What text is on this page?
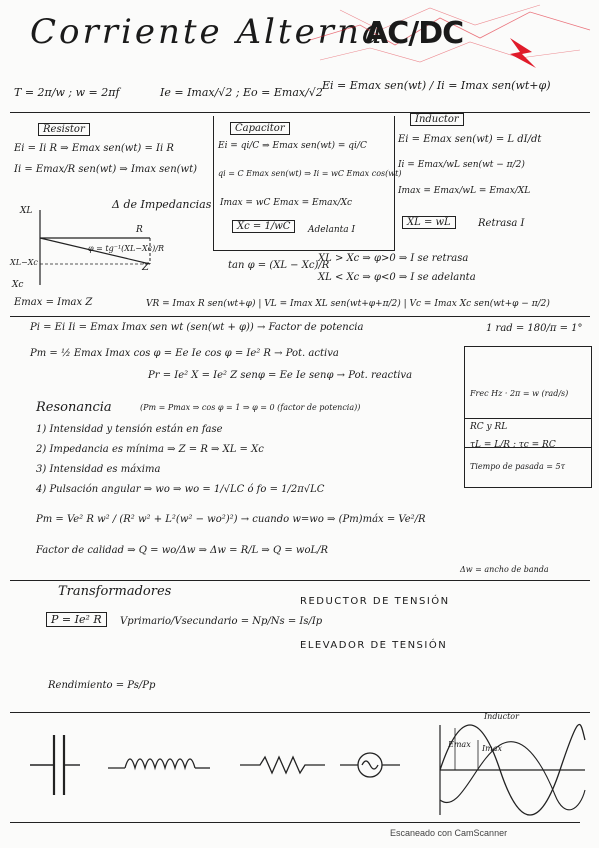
Corriente Alterna
AC/DC
T = 2π/w ; w = 2πf	Ie = Imax/√2 ; Eo = Emax/√2
Ei = Emax sen(wt) / Ii = Imax sen(wt+φ)
Resistor
Ei = Ii R ⇒ Emax sen(wt) = Ii R
Ii = Emax/R sen(wt) ⇒ Imax sen(wt)
Capacitor
Ei = qi/C ⇒ Emax sen(wt) = qi/C
qi = C Emax sen(wt) ⇒ Ii = wC Emax cos(wt)
Imax = wC Emax = Emax/Xc
Xc = 1/wC	Adelanta I
Inductor
Ei = Emax sen(wt) = L dI/dt
Ii = Emax/wL sen(wt − π/2)
Imax = Emax/wL = Emax/XL
XL = wL	Retrasa I
Δ de Impedancias
XL
Xc
XL−Xc
R
Z
φ = tg⁻¹(XL−Xc)/R
tan φ = (XL − Xc)/R
XL > Xc ⇒ φ>0 ⇒ I se retrasa
XL < Xc ⇒ φ<0 ⇒ I se adelanta
Emax = Imax Z	VR = Imax R sen(wt+φ) | VL = Imax XL sen(wt+φ+π/2) | Vc = Imax Xc sen(wt+φ − π/2)
Pi = Ei Ii = Emax Imax sen wt (sen(wt + φ)) → Factor de potencia
Pm = ½ Emax Imax cos φ = Ee Ie cos φ = Ie² R → Pot. activa
Pr = Ie² X = Ie² Z senφ = Ee Ie senφ → Pot. reactiva
1 rad = 180/π = 1°
Frec Hz · 2π = w (rad/s)
Resonancia	(Pm = Pmax ⇒ cos φ = 1 ⇒ φ = 0 (factor de potencia))
1) Intensidad y tensión están en fase
2) Impedancia es mínima ⇒ Z = R ⇒ XL = Xc
3) Intensidad es máxima
4) Pulsación angular ⇒ wo ⇒ wo = 1/√LC ó fo = 1/2π√LC
Pm = Ve² R w² / (R² w² + L²(w² − wo²)²) → cuando w=wo ⇒ (Pm)máx = Ve²/R
Factor de calidad ⇒ Q = wo/Δw ⇒ Δw = R/L ⇒ Q = woL/R
Δw = ancho de banda
RC y RL
τL = L/R ; τc = RC
Tiempo de pasada = 5τ
Transformadores
P = Ie² R	Vprimario/Vsecundario = Np/Ns = Is/Ip
REDUCTOR DE TENSIÓN
ELEVADOR DE TENSIÓN
Rendimiento = Ps/Pp
Inductor
Emax Imax
Escaneado con CamScanner
